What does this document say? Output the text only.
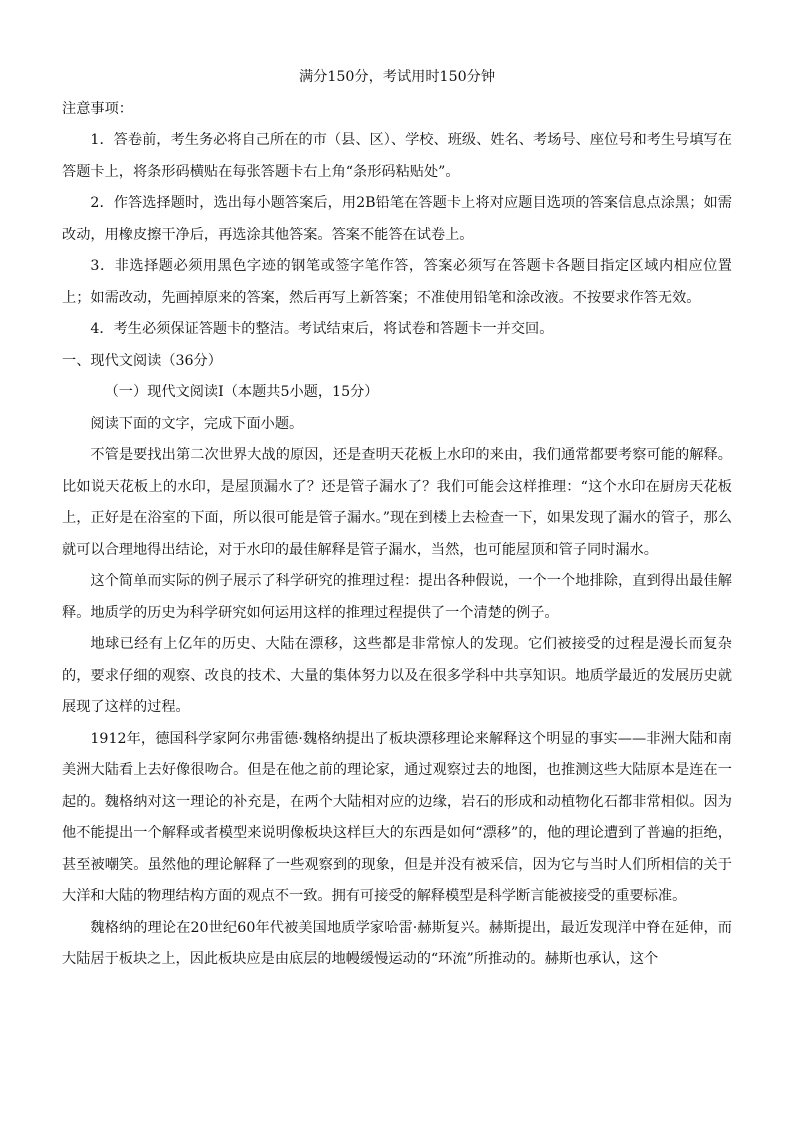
满分150分，考试用时150分钟
注意事项：

1．答卷前，考生务必将自己所在的市（县、区）、学校、班级、姓名、考场号、座位号和考生号填写在答题卡上，将条形码横贴在每张答题卡右上角“条形码粘贴处”。

2．作答选择题时，选出每小题答案后，用2B铅笔在答题卡上将对应题目选项的答案信息点涂黑；如需改动，用橡皮擦干净后，再选涂其他答案。答案不能答在试卷上。

3．非选择题必须用黑色字迹的钢笔或签字笔作答，答案必须写在答题卡各题目指定区域内相应位置上；如需改动，先画掉原来的答案，然后再写上新答案；不准使用铅笔和涂改液。不按要求作答无效。

4．考生必须保证答题卡的整洁。考试结束后，将试卷和答题卡一并交回。

一、现代文阅读（36分）
（一）现代文阅读Ⅰ（本题共5小题，15分）
阅读下面的文字，完成下面小题。

不管是要找出第二次世界大战的原因，还是查明天花板上水印的来由，我们通常都要考察可能的解释。比如说天花板上的水印，是屋顶漏水了？还是管子漏水了？我们可能会这样推理：“这个水印在厨房天花板上，正好是在浴室的下面，所以很可能是管子漏水。”现在到楼上去检查一下，如果发现了漏水的管子，那么就可以合理地得出结论，对于水印的最佳解释是管子漏水，当然，也可能屋顶和管子同时漏水。

这个简单而实际的例子展示了科学研究的推理过程：提出各种假说，一个一个地排除，直到得出最佳解释。地质学的历史为科学研究如何运用这样的推理过程提供了一个清楚的例子。

地球已经有上亿年的历史、大陆在漂移，这些都是非常惊人的发现。它们被接受的过程是漫长而复杂的，要求仔细的观察、改良的技术、大量的集体努力以及在很多学科中共享知识。地质学最近的发展历史就展现了这样的过程。

1912年，德国科学家阿尔弗雷德·魏格纳提出了板块漂移理论来解释这个明显的事实——非洲大陆和南美洲大陆看上去好像很吻合。但是在他之前的理论家，通过观察过去的地图，也推测这些大陆原本是连在一起的。魏格纳对这一理论的补充是，在两个大陆相对应的边缘，岩石的形成和动植物化石都非常相似。因为他不能提出一个解释或者模型来说明像板块这样巨大的东西是如何“漂移”的，他的理论遭到了普遍的拒绝，甚至被嘲笑。虽然他的理论解释了一些观察到的现象，但是并没有被采信，因为它与当时人们所相信的关于大洋和大陆的物理结构方面的观点不一致。拥有可接受的解释模型是科学断言能被接受的重要标准。

魏格纳的理论在20世纪60年代被美国地质学家哈雷·赫斯复兴。赫斯提出，最近发现洋中脊在延伸，而大陆居于板块之上，因此板块应是由底层的地幔缓慢运动的“环流”所推动的。赫斯也承认，这个
